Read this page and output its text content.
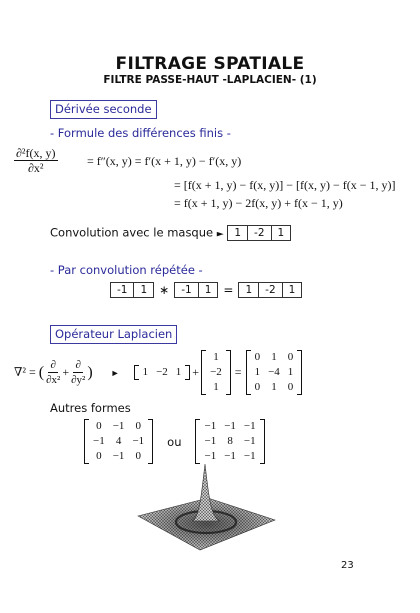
FILTRAGE SPATIALE
FILTRE PASSE-HAUT -LAPLACIEN- (1)
Dérivée seconde
- Formule des différences finis -
$\frac{\text{∂²f(x, y)}}{\text{∂x²}} = f''(x$, y) = f′(x + 1, y) − f′(x, y)
= [f(x + 1, y) − f(x, y)] − [f(x, y) − f(x − 1, y)]
= f(x + 1, y) − 2f(x, y) + f(x − 1, y)
Convolution avec le masque ►	1	-2	1
- Par convolution répétée -
-1	1	∗	-1	1	=	1	-2	1
Opérateur Laplacien
∇² = ( $\frac{\partial}{\text{∂x²}} + \frac{\partial}{\text{∂y²}}$ ) ► 1	−2	1 +
1
−2
1
=
0	1	0
1	−4	1
0	1	0
Autres formes
0	−1	0
−1	4	−1
0	−1	0
ou
−1	−1	−1
−1	8	−1
−1	−1	−1
23
